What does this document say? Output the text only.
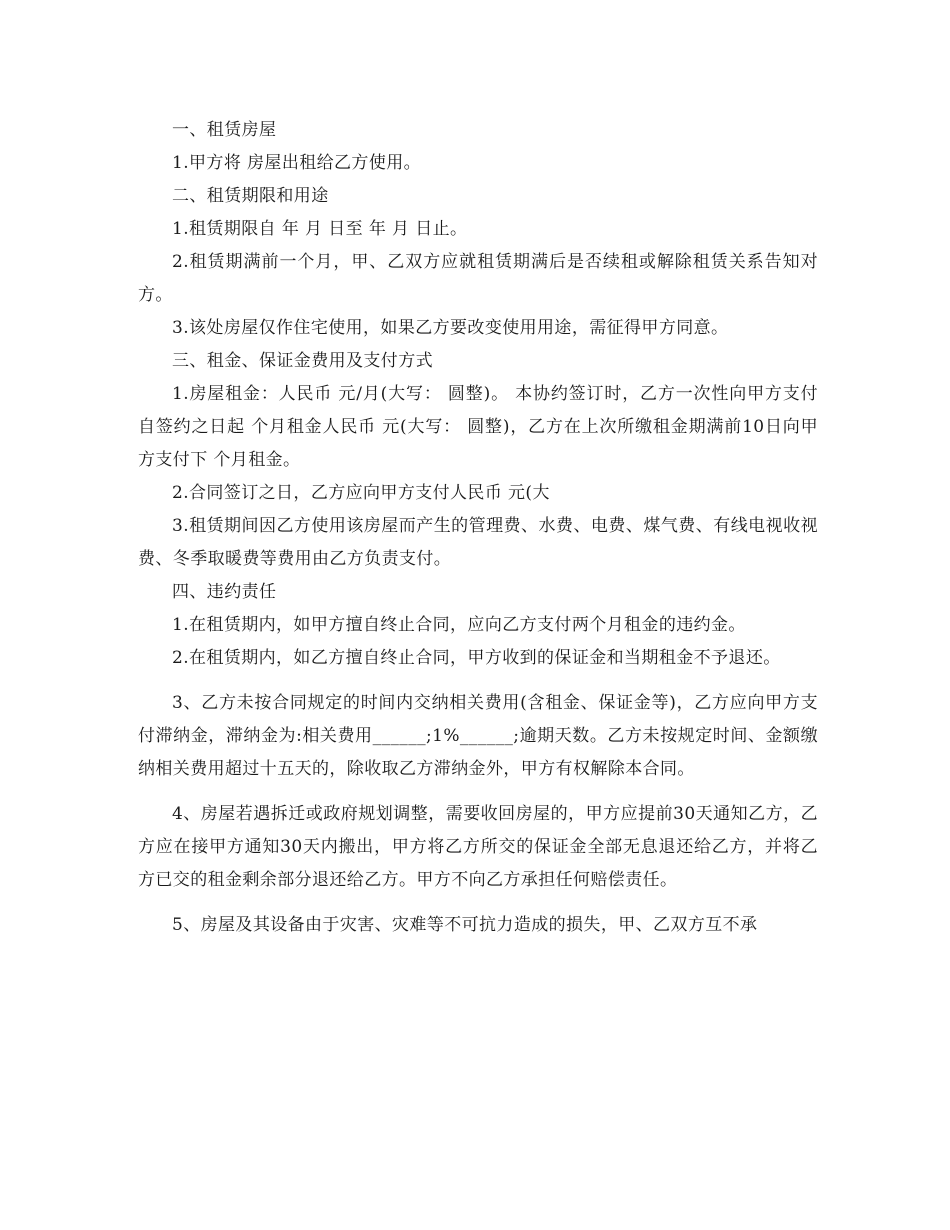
一、租赁房屋

1.甲方将 房屋出租给乙方使用。

二、租赁期限和用途

1.租赁期限自 年 月 日至 年 月 日止。

2.租赁期满前一个月，甲、乙双方应就租赁期满后是否续租或解除租赁关系告知对方。

3.该处房屋仅作住宅使用，如果乙方要改变使用用途，需征得甲方同意。

三、租金、保证金费用及支付方式

1.房屋租金：人民币 元/月(大写： 圆整)。 本协约签订时，乙方一次性向甲方支付自签约之日起 个月租金人民币 元(大写： 圆整)，乙方在上次所缴租金期满前10日向甲方支付下 个月租金。

2.合同签订之日，乙方应向甲方支付人民币 元(大

3.租赁期间因乙方使用该房屋而产生的管理费、水费、电费、煤气费、有线电视收视费、冬季取暖费等费用由乙方负责支付。

四、违约责任

1.在租赁期内，如甲方擅自终止合同，应向乙方支付两个月租金的违约金。

2.在租赁期内，如乙方擅自终止合同，甲方收到的保证金和当期租金不予退还。

3、乙方未按合同规定的时间内交纳相关费用(含租金、保证金等)，乙方应向甲方支付滞纳金，滞纳金为:相关费用______;1%______;逾期天数。乙方未按规定时间、金额缴纳相关费用超过十五天的，除收取乙方滞纳金外，甲方有权解除本合同。

4、房屋若遇拆迁或政府规划调整，需要收回房屋的，甲方应提前30天通知乙方，乙方应在接甲方通知30天内搬出，甲方将乙方所交的保证金全部无息退还给乙方，并将乙方已交的租金剩余部分退还给乙方。甲方不向乙方承担任何赔偿责任。

5、房屋及其设备由于灾害、灾难等不可抗力造成的损失，甲、乙双方互不承
